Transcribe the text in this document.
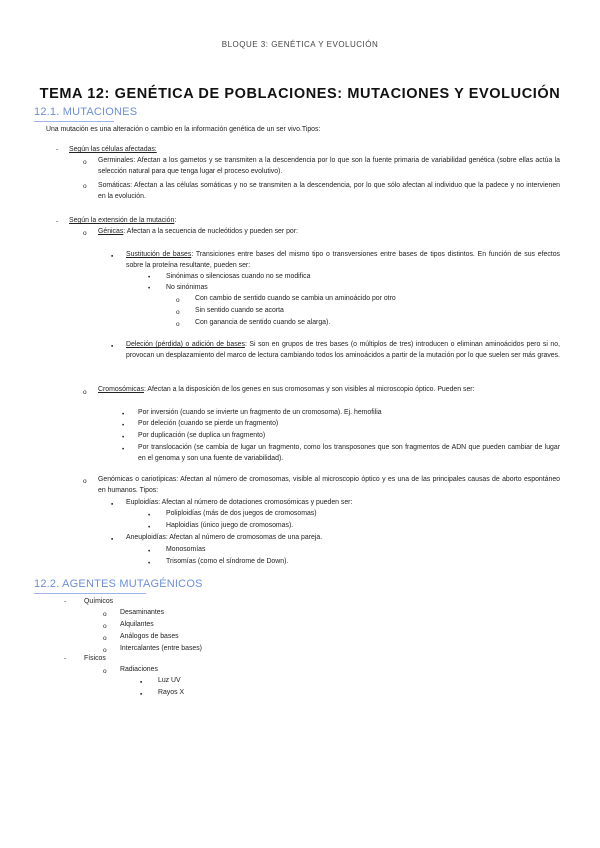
BLOQUE 3: GENÉTICA Y EVOLUCIÓN
TEMA 12: GENÉTICA DE POBLACIONES: MUTACIONES Y EVOLUCIÓN
12.1. MUTACIONES
Una mutación es una alteración o cambio en la información genética de un ser vivo.Tipos:
- Según las células afectadas:
o Germinales: Afectan a los gametos y se transmiten a la descendencia por lo que son la fuente primaria de variabilidad genética (sobre ellas actúa la selección natural para que tenga lugar el proceso evolutivo).
o Somáticas: Afectan a las células somáticas y no se transmiten a la descendencia, por lo que sólo afectan al individuo que la padece y no intervienen en la evolución.
- Según la extensión de la mutación:
o Génicas: Afectan a la secuencia de nucleótidos y pueden ser por:
▪ Sustitución de bases: Transiciones entre bases del mismo tipo o transversiones entre bases de tipos distintos. En función de sus efectos sobre la proteína resultante, pueden ser:
• Sinónimas o silenciosas cuando no se modifica
• No sinónimas
o Con cambio de sentido cuando se cambia un aminoácido por otro
o Sin sentido cuando se acorta
o Con ganancia de sentido cuando se alarga).
▪ Deleción (pérdida) o adición de bases: Si son en grupos de tres bases (o múltiplos de tres) introducen o eliminan aminoácidos pero si no, provocan un desplazamiento del marco de lectura cambiando todos los aminoácidos a partir de la mutación por lo que suelen ser más graves.
o Cromosómicas: Afectan a la disposición de los genes en sus cromosomas y son visibles al microscopio óptico. Pueden ser:
• Por inversión (cuando se invierte un fragmento de un cromosoma). Ej. hemofilia
• Por deleción (cuando se pierde un fragmento)
• Por duplicación (se duplica un fragmento)
• Por translocación (se cambia de lugar un fragmento, como los transposones que son fragmentos de ADN que pueden cambiar de lugar en el genoma y son una fuente de variabilidad).
o Genómicas o cariotípicas: Afectan al número de cromosomas, visible al microscopio óptico y es una de las principales causas de aborto espontáneo en humanos. Tipos:
▪ Euploidías: Afectan al número de dotaciones cromosómicas y pueden ser:
• Poliploidías (más de dos juegos de cromosomas)
• Haploidías (único juego de cromosomas).
▪ Aneuploidías: Afectan al número de cromosomas de una pareja.
• Monosomías
• Trisomías (como el síndrome de Down).
12.2. AGENTES MUTAGÉNICOS
-	Químicos
o Desaminantes
o Alquilantes
o Análogos de bases
o Intercalantes (entre bases)
-	Físicos
o Radiaciones
▪ Luz UV
▪ Rayos X
